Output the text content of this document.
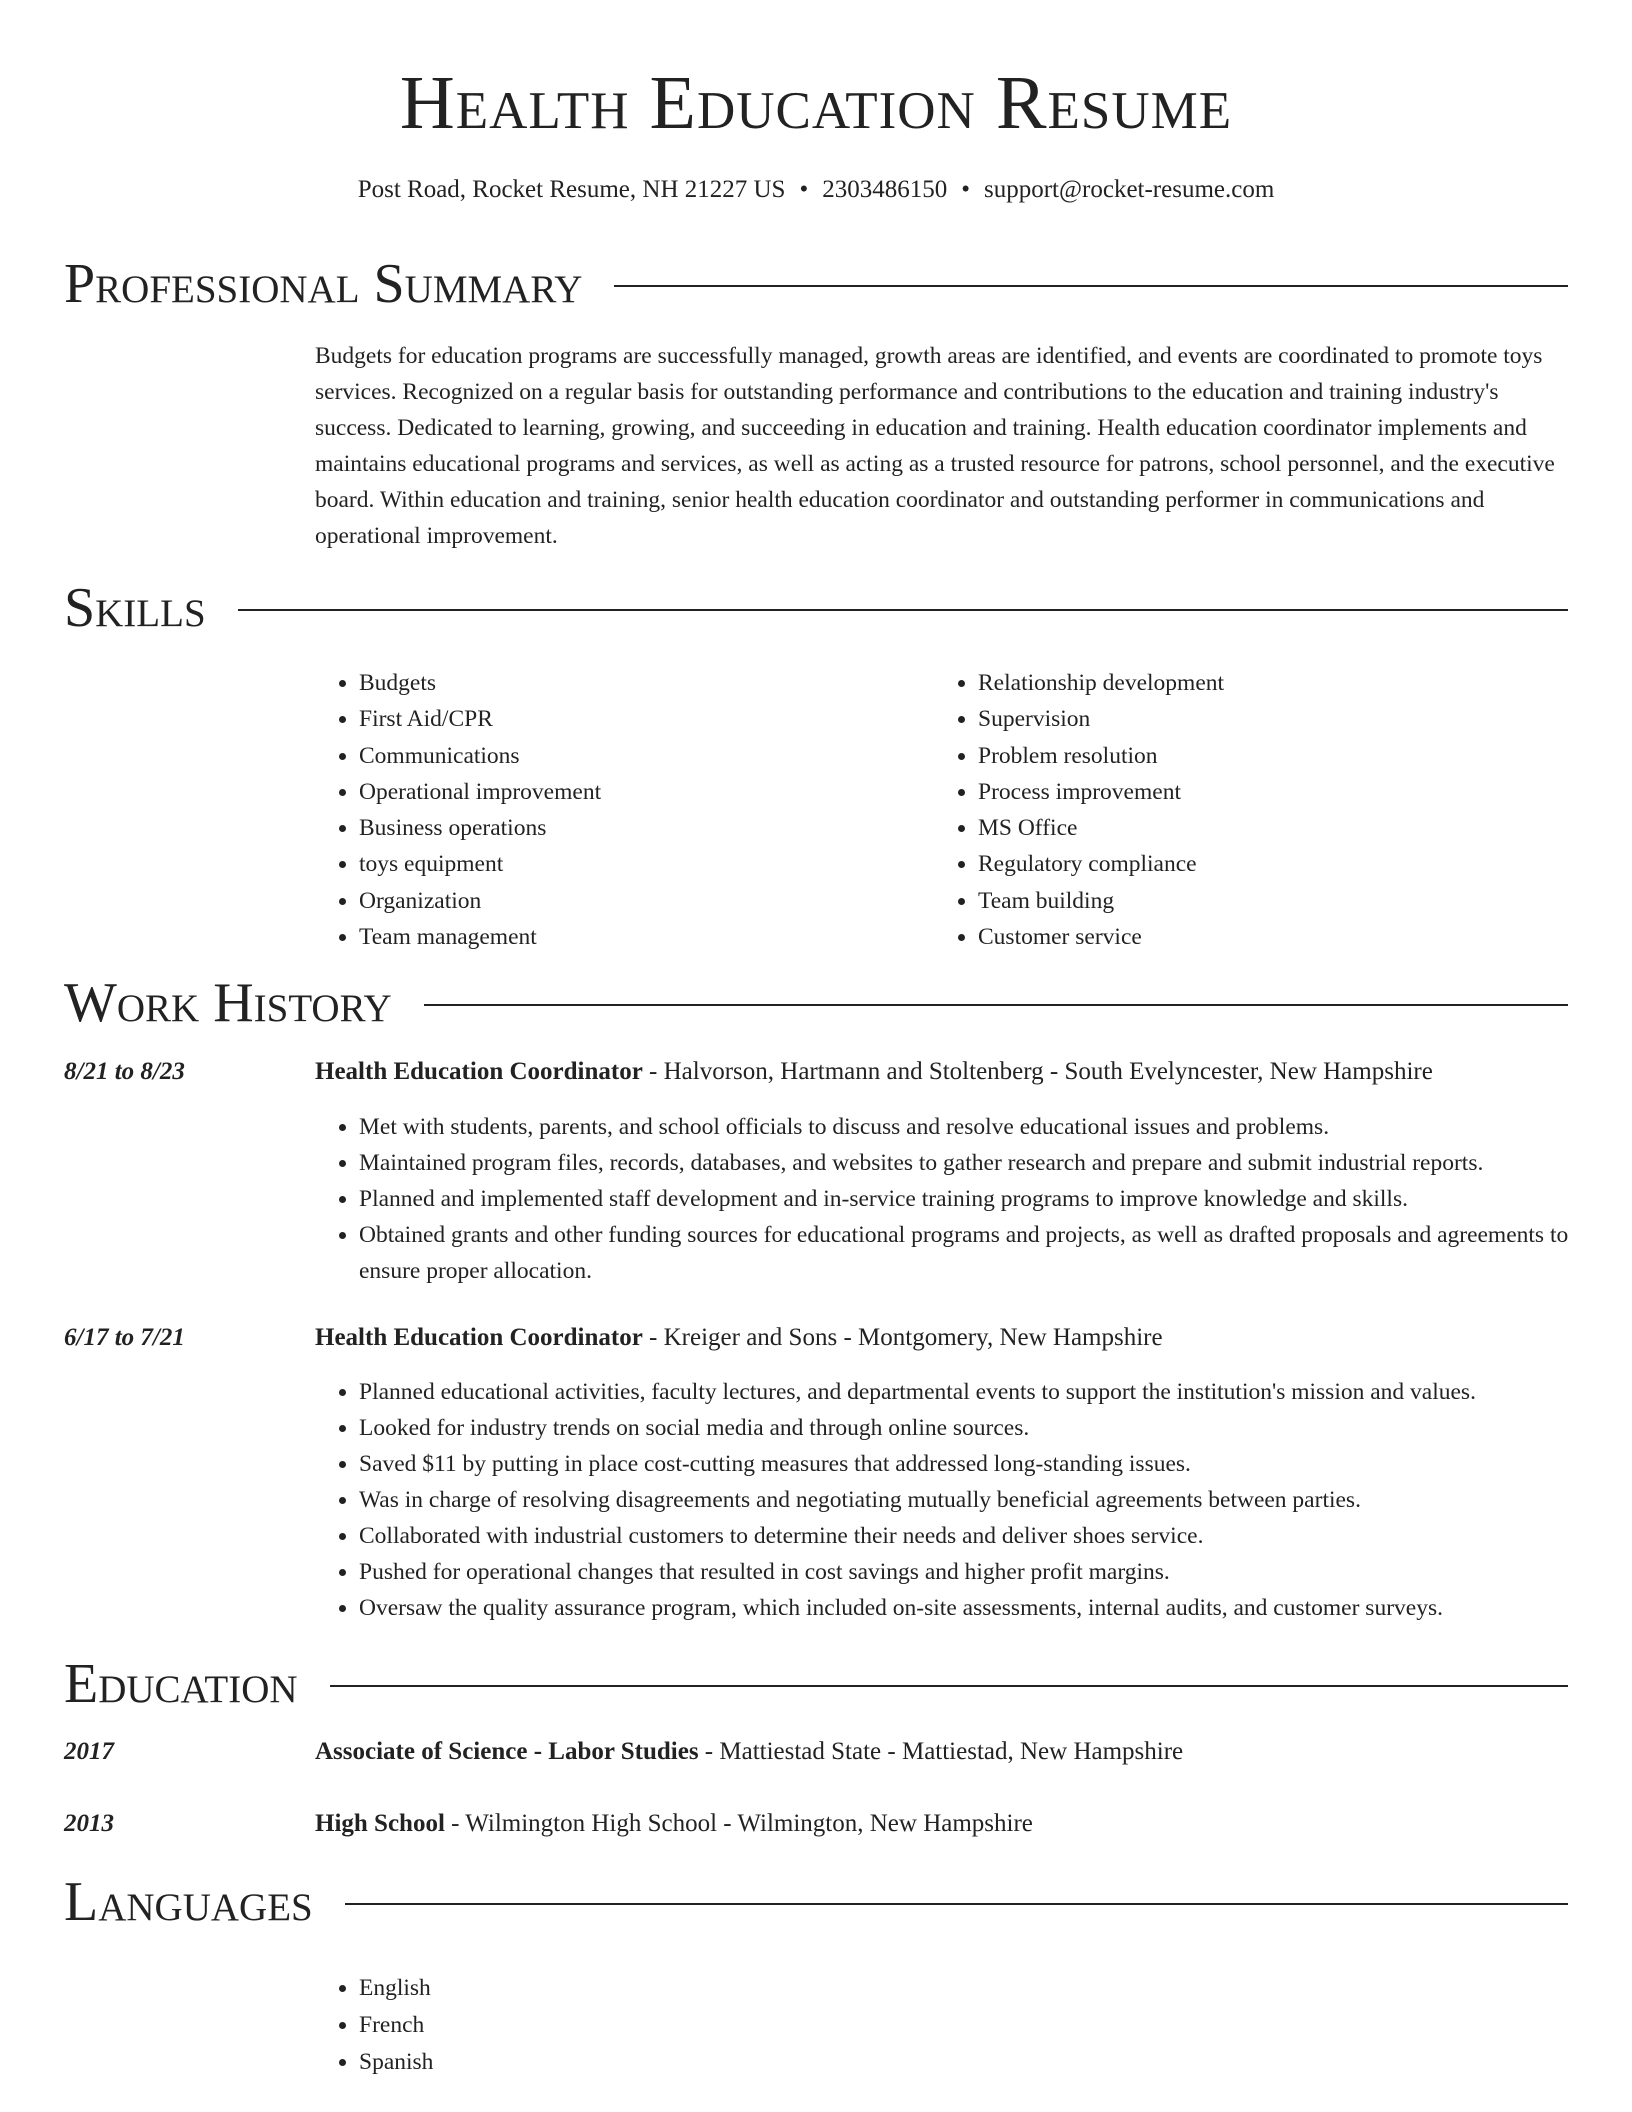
Health Education Resume
Post Road, Rocket Resume, NH 21227 US • 2303486150 • support@rocket-resume.com
Professional Summary
Budgets for education programs are successfully managed, growth areas are identified, and events are coordinated to promote toys services. Recognized on a regular basis for outstanding performance and contributions to the education and training industry's success. Dedicated to learning, growing, and succeeding in education and training. Health education coordinator implements and maintains educational programs and services, as well as acting as a trusted resource for patrons, school personnel, and the executive board. Within education and training, senior health education coordinator and outstanding performer in communications and operational improvement.
Skills
• Budgets
• First Aid/CPR
• Communications
• Operational improvement
• Business operations
• toys equipment
• Organization
• Team management
• Relationship development
• Supervision
• Problem resolution
• Process improvement
• MS Office
• Regulatory compliance
• Team building
• Customer service
Work History
8/21 to 8/23	Health Education Coordinator - Halvorson, Hartmann and Stoltenberg - South Evelyncester, New Hampshire
• Met with students, parents, and school officials to discuss and resolve educational issues and problems.
• Maintained program files, records, databases, and websites to gather research and prepare and submit industrial reports.
• Planned and implemented staff development and in-service training programs to improve knowledge and skills.
• Obtained grants and other funding sources for educational programs and projects, as well as drafted proposals and agreements to ensure proper allocation.
6/17 to 7/21	Health Education Coordinator - Kreiger and Sons - Montgomery, New Hampshire
• Planned educational activities, faculty lectures, and departmental events to support the institution's mission and values.
• Looked for industry trends on social media and through online sources.
• Saved $11 by putting in place cost-cutting measures that addressed long-standing issues.
• Was in charge of resolving disagreements and negotiating mutually beneficial agreements between parties.
• Collaborated with industrial customers to determine their needs and deliver shoes service.
• Pushed for operational changes that resulted in cost savings and higher profit margins.
• Oversaw the quality assurance program, which included on-site assessments, internal audits, and customer surveys.
Education
2017	Associate of Science - Labor Studies - Mattiestad State - Mattiestad, New Hampshire
2013	High School - Wilmington High School - Wilmington, New Hampshire
Languages
• English
• French
• Spanish
